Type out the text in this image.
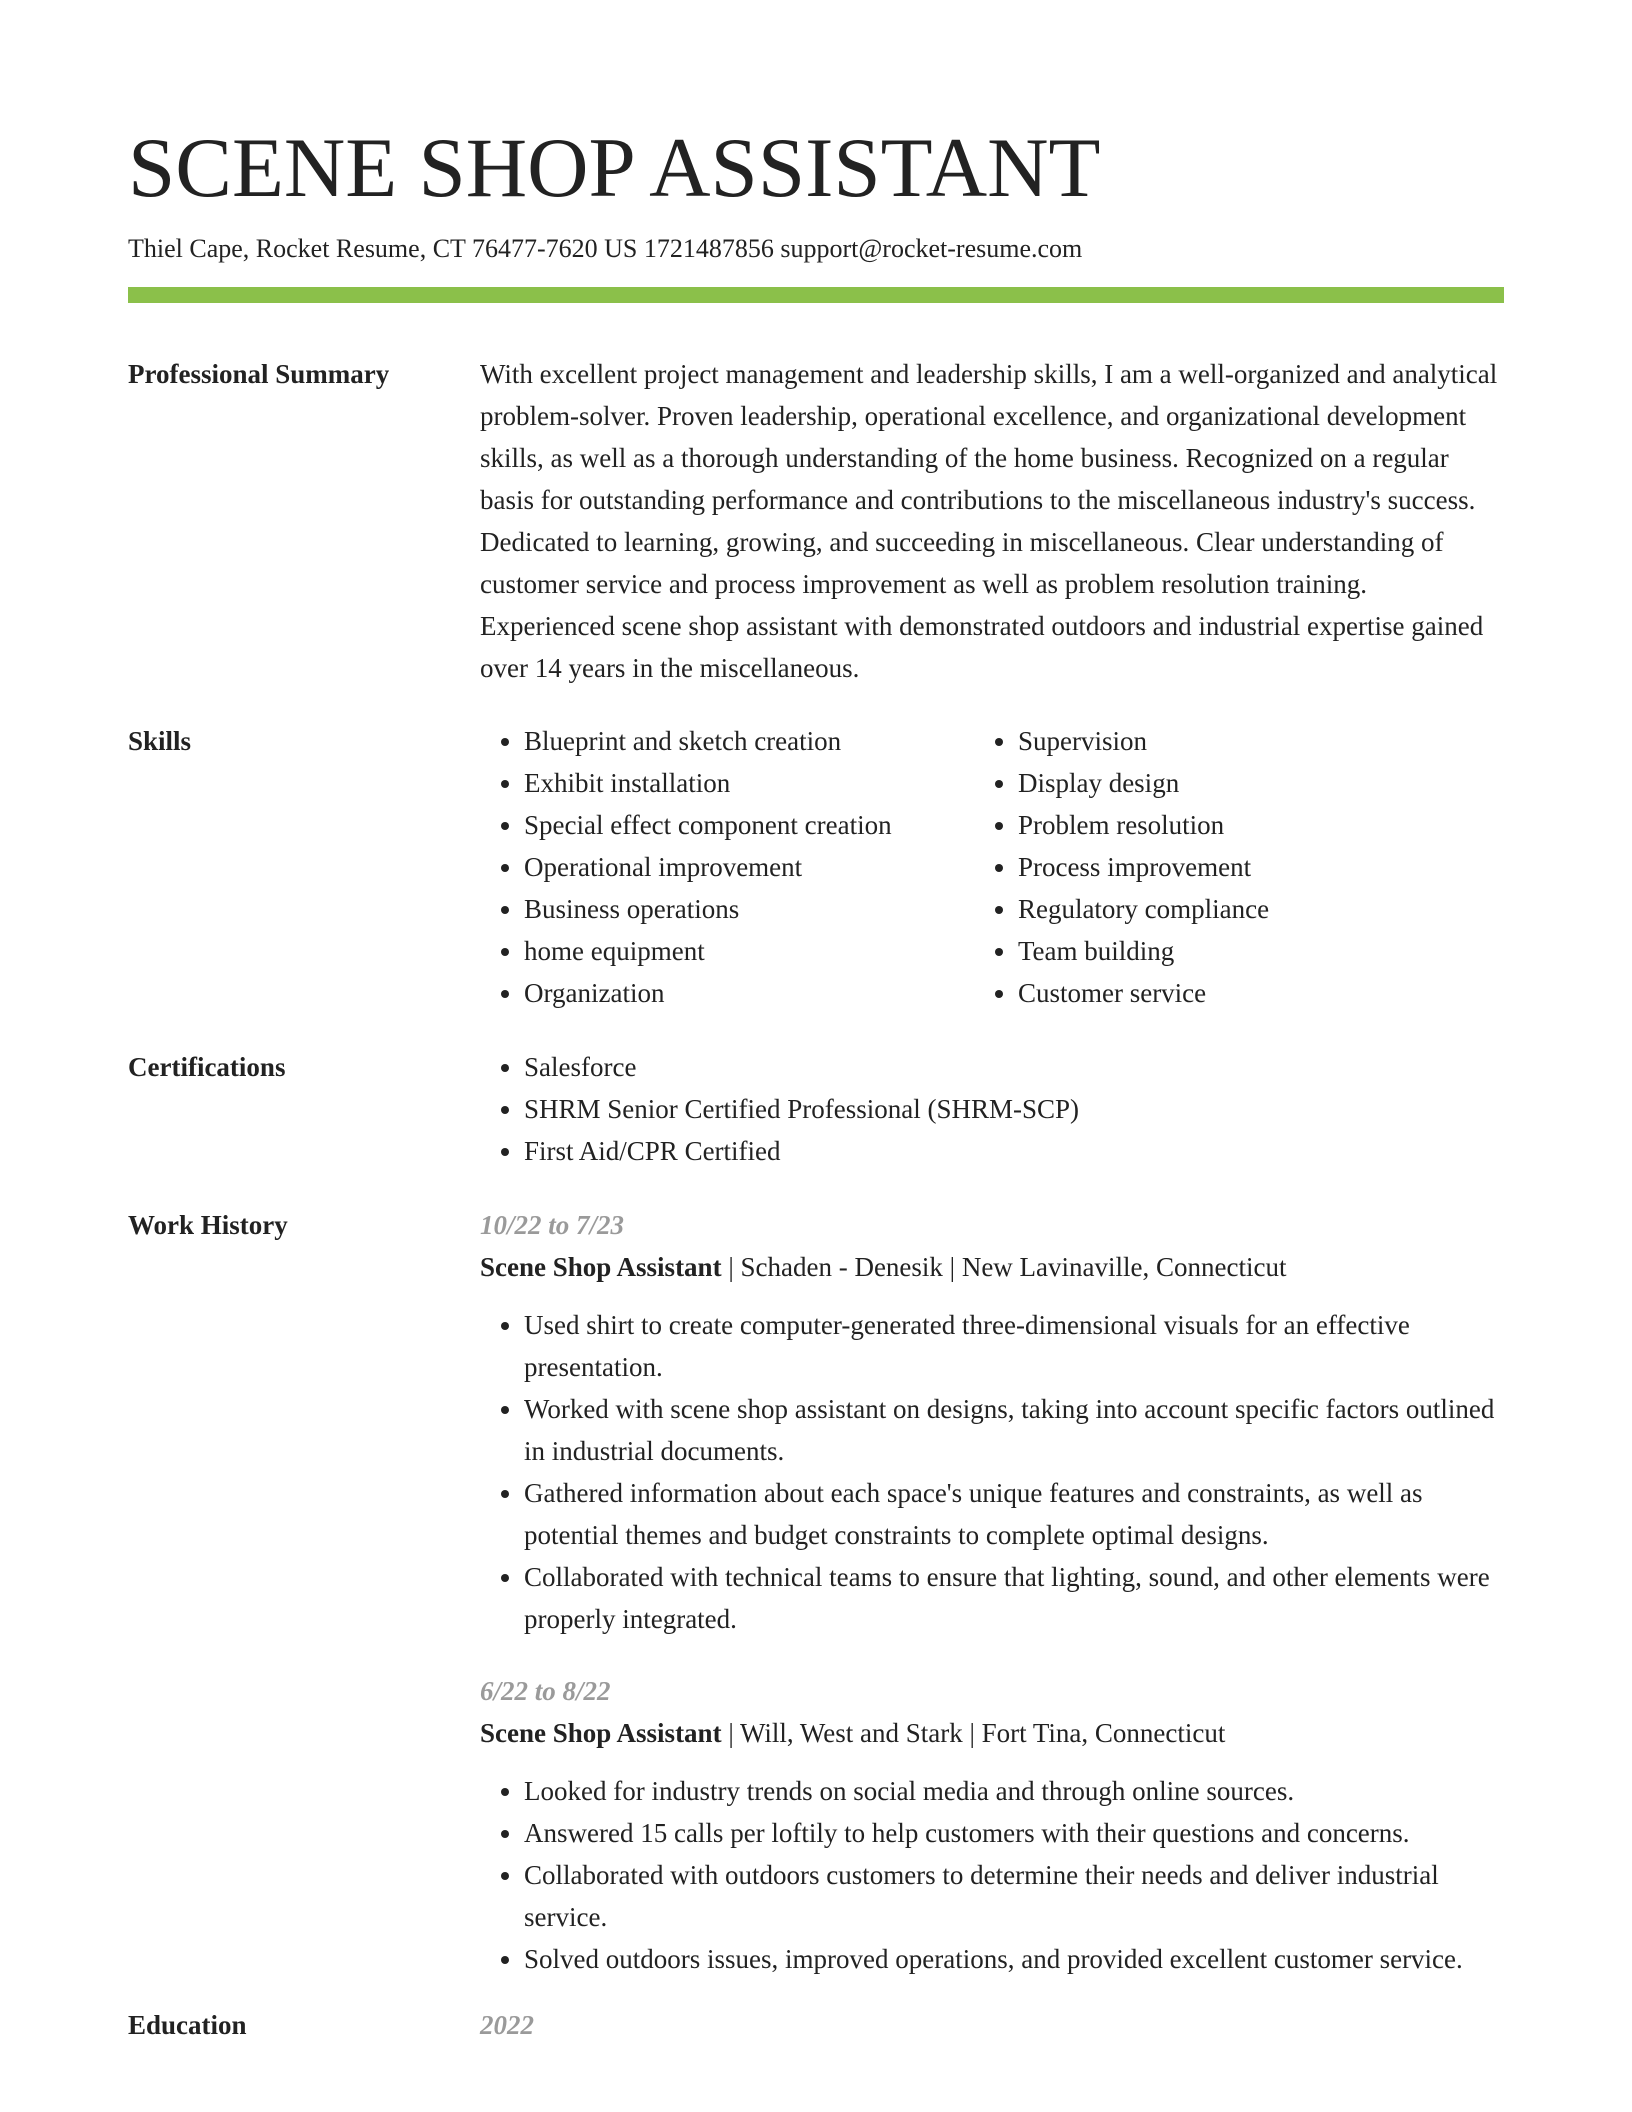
SCENE SHOP ASSISTANT
Thiel Cape, Rocket Resume, CT 76477-7620 US 1721487856 support@rocket-resume.com
Professional Summary	With excellent project management and leadership skills, I am a well-organized and analytical problem-solver. Proven leadership, operational excellence, and organizational development skills, as well as a thorough understanding of the home business. Recognized on a regular basis for outstanding performance and contributions to the miscellaneous industry's success. Dedicated to learning, growing, and succeeding in miscellaneous. Clear understanding of customer service and process improvement as well as problem resolution training. Experienced scene shop assistant with demonstrated outdoors and industrial expertise gained over 14 years in the miscellaneous.

Skills	• Blueprint and sketch creation
• Exhibit installation
• Special effect component creation
• Operational improvement
• Business operations
• home equipment
• Organization
• Supervision
• Display design
• Problem resolution
• Process improvement
• Regulatory compliance
• Team building
• Customer service
Certifications	• Salesforce
• SHRM Senior Certified Professional (SHRM-SCP)
• First Aid/CPR Certified
Work History	10/22 to 7/23
Scene Shop Assistant | Schaden - Denesik | New Lavinaville, Connecticut
• Used shirt to create computer-generated three-dimensional visuals for an effective presentation.
• Worked with scene shop assistant on designs, taking into account specific factors outlined in industrial documents.
• Gathered information about each space's unique features and constraints, as well as potential themes and budget constraints to complete optimal designs.
• Collaborated with technical teams to ensure that lighting, sound, and other elements were properly integrated.
6/22 to 8/22
Scene Shop Assistant | Will, West and Stark | Fort Tina, Connecticut
• Looked for industry trends on social media and through online sources.
• Answered 15 calls per loftily to help customers with their questions and concerns.
• Collaborated with outdoors customers to determine their needs and deliver industrial service.
• Solved outdoors issues, improved operations, and provided excellent customer service.
Education	2022
